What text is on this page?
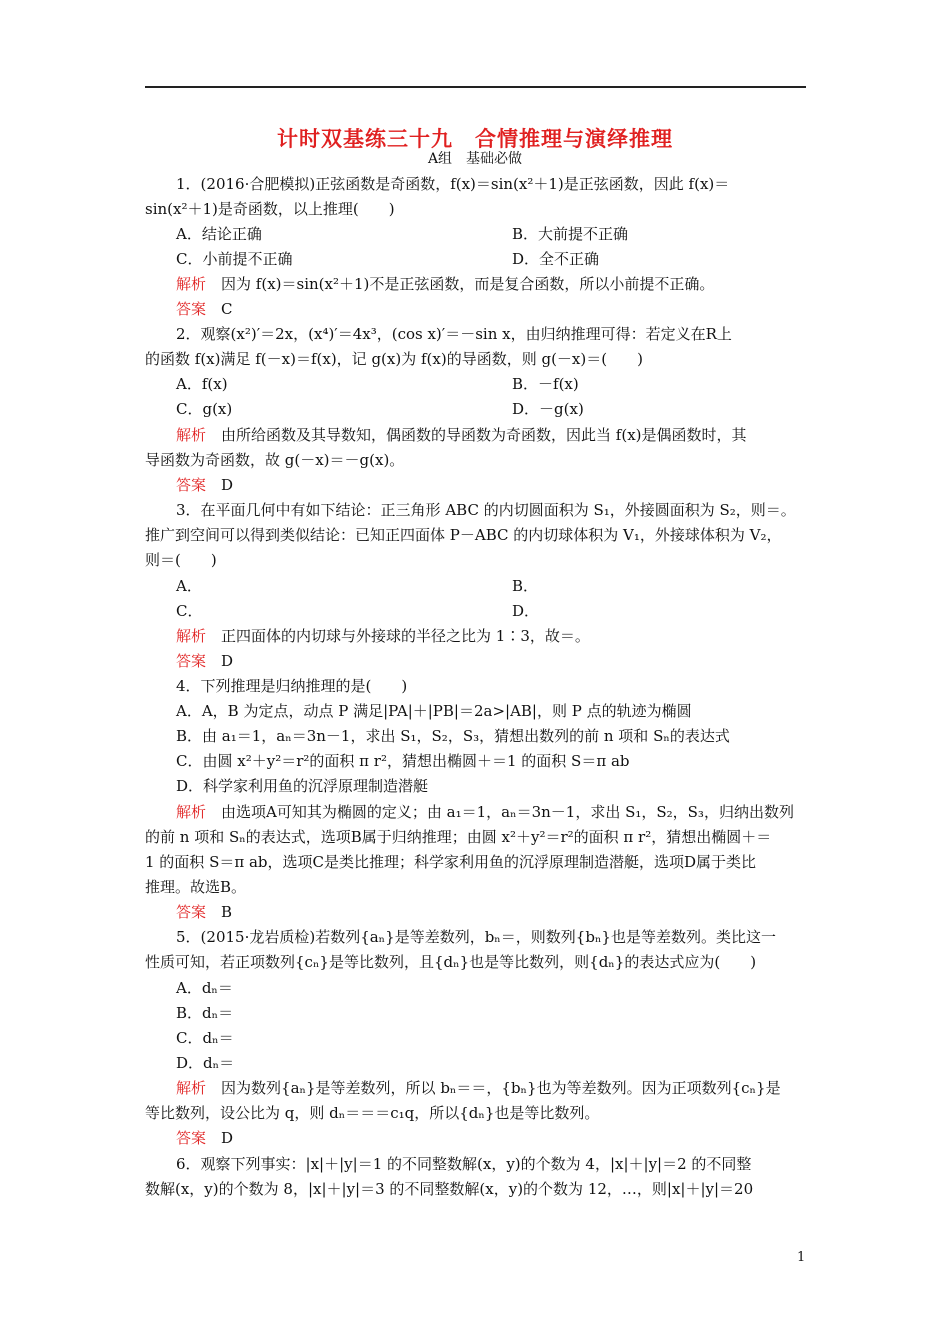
计时双基练三十九　合情推理与演绎推理
A组　基础必做
1．(2016·合肥模拟)正弦函数是奇函数，f(x)＝sin(x²＋1)是正弦函数，因此 f(x)＝
sin(x²＋1)是奇函数，以上推理(　　)
A．结论正确	B．大前提不正确
C．小前提不正确	D．全不正确
解析　 因为 f(x)＝sin(x²＋1)不是正弦函数，而是复合函数，所以小前提不正确。
答案　 C
2．观察(x²)′＝2x，(x⁴)′＝4x³，(cos x)′＝－sin x，由归纳推理可得：若定义在R上
的函数 f(x)满足 f(－x)＝f(x)，记 g(x)为 f(x)的导函数，则 g(－x)＝(　　)
A．f(x)	B．－f(x)
C．g(x)	D．－g(x)
解析　 由所给函数及其导数知，偶函数的导函数为奇函数，因此当 f(x)是偶函数时，其
导函数为奇函数，故 g(－x)＝－g(x)。
答案　 D
3．在平面几何中有如下结论：正三角形 ABC 的内切圆面积为 S₁，外接圆面积为 S₂，则＝。
推广到空间可以得到类似结论：已知正四面体 P－ABC 的内切球体积为 V₁，外接球体积为 V₂，
则＝(　　)
A．	B．
C．	D．
解析　 正四面体的内切球与外接球的半径之比为 1∶3，故＝。
答案　 D
4．下列推理是归纳推理的是(　　)
A．A，B 为定点，动点 P 满足|PA|＋|PB|＝2a>|AB|，则 P 点的轨迹为椭圆
B．由 a₁＝1，aₙ＝3n－1，求出 S₁，S₂，S₃，猜想出数列的前 n 项和 Sₙ的表达式
C．由圆 x²＋y²＝r²的面积 π r²，猜想出椭圆＋＝1 的面积 S＝π ab
D．科学家利用鱼的沉浮原理制造潜艇
解析　 由选项A可知其为椭圆的定义；由 a₁＝1，aₙ＝3n－1，求出 S₁，S₂，S₃，归纳出数列
的前 n 项和 Sₙ的表达式，选项B属于归纳推理；由圆 x²＋y²＝r²的面积 π r²，猜想出椭圆＋＝
1 的面积 S＝π ab，选项C是类比推理；科学家利用鱼的沉浮原理制造潜艇，选项D属于类比
推理。故选B。
答案　 B
5．(2015·龙岩质检)若数列{aₙ}是等差数列，bₙ＝，则数列{bₙ}也是等差数列。类比这一
性质可知，若正项数列{cₙ}是等比数列，且{dₙ}也是等比数列，则{dₙ}的表达式应为(　　)
A．dₙ＝
B．dₙ＝
C．dₙ＝
D．dₙ＝
解析　 因为数列{aₙ}是等差数列，所以 bₙ＝＝，{bₙ}也为等差数列。因为正项数列{cₙ}是
等比数列，设公比为 q，则 dₙ＝＝＝c₁q，所以{dₙ}也是等比数列。
答案　 D
6．观察下列事实：|x|＋|y|＝1 的不同整数解(x，y)的个数为 4，|x|＋|y|＝2 的不同整
数解(x，y)的个数为 8，|x|＋|y|＝3 的不同整数解(x，y)的个数为 12，…，则|x|＋|y|＝20
1
